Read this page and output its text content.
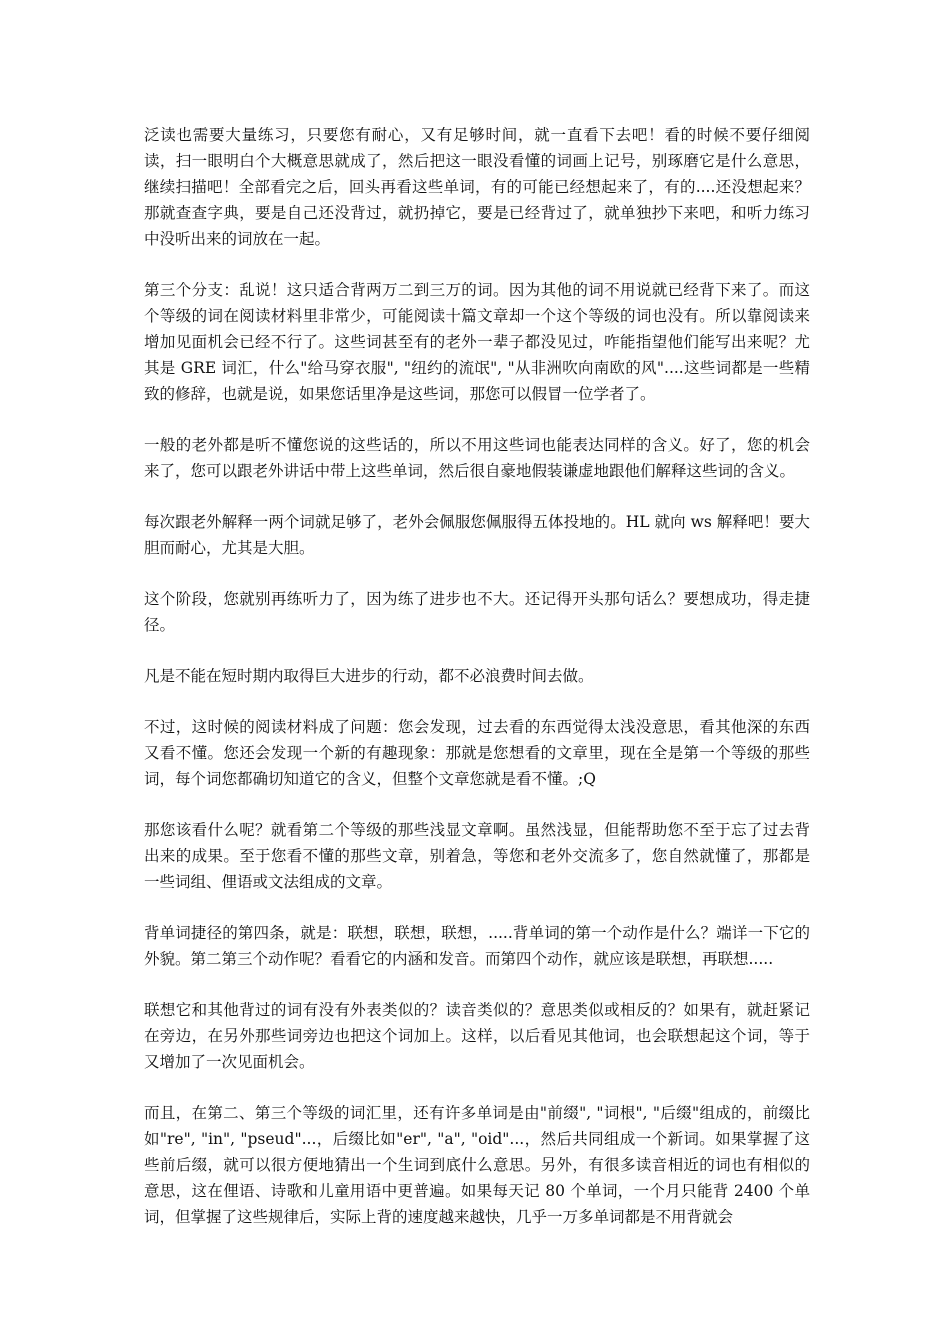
泛读也需要大量练习，只要您有耐心，又有足够时间，就一直看下去吧！看的时候不要仔细阅读，扫一眼明白个大概意思就成了，然后把这一眼没看懂的词画上记号，别琢磨它是什么意思，继续扫描吧！全部看完之后，回头再看这些单词，有的可能已经想起来了，有的....还没想起来？那就查查字典，要是自己还没背过，就扔掉它，要是已经背过了，就单独抄下来吧，和听力练习中没听出来的词放在一起。

第三个分支：乱说！这只适合背两万二到三万的词。因为其他的词不用说就已经背下来了。而这个等级的词在阅读材料里非常少，可能阅读十篇文章却一个这个等级的词也没有。所以靠阅读来增加见面机会已经不行了。这些词甚至有的老外一辈子都没见过，咋能指望他们能写出来呢？尤其是 GRE 词汇，什么"给马穿衣服", "纽约的流氓", "从非洲吹向南欧的风"....这些词都是一些精致的修辞，也就是说，如果您话里净是这些词，那您可以假冒一位学者了。

一般的老外都是听不懂您说的这些话的，所以不用这些词也能表达同样的含义。好了，您的机会来了，您可以跟老外讲话中带上这些单词，然后很自豪地假装谦虚地跟他们解释这些词的含义。

每次跟老外解释一两个词就足够了，老外会佩服您佩服得五体投地的。HL 就向 ws 解释吧！要大胆而耐心，尤其是大胆。

这个阶段，您就别再练听力了，因为练了进步也不大。还记得开头那句话么？要想成功，得走捷径。

凡是不能在短时期内取得巨大进步的行动，都不必浪费时间去做。

不过，这时候的阅读材料成了问题：您会发现，过去看的东西觉得太浅没意思，看其他深的东西又看不懂。您还会发现一个新的有趣现象：那就是您想看的文章里，现在全是第一个等级的那些词，每个词您都确切知道它的含义，但整个文章您就是看不懂。;Q

那您该看什么呢？就看第二个等级的那些浅显文章啊。虽然浅显，但能帮助您不至于忘了过去背出来的成果。至于您看不懂的那些文章，别着急，等您和老外交流多了，您自然就懂了，那都是一些词组、俚语或文法组成的文章。

背单词捷径的第四条，就是：联想，联想，联想，.....背单词的第一个动作是什么？端详一下它的外貌。第二第三个动作呢？看看它的内涵和发音。而第四个动作，就应该是联想，再联想.....

联想它和其他背过的词有没有外表类似的？读音类似的？意思类似或相反的？如果有，就赶紧记在旁边，在另外那些词旁边也把这个词加上。这样，以后看见其他词，也会联想起这个词，等于又增加了一次见面机会。

而且，在第二、第三个等级的词汇里，还有许多单词是由"前缀", "词根", "后缀"组成的，前缀比如"re", "in", "pseud"...，后缀比如"er", "a", "oid"...，然后共同组成一个新词。如果掌握了这些前后缀，就可以很方便地猜出一个生词到底什么意思。另外，有很多读音相近的词也有相似的意思，这在俚语、诗歌和儿童用语中更普遍。如果每天记 80 个单词，一个月只能背 2400 个单词，但掌握了这些规律后，实际上背的速度越来越快，几乎一万多单词都是不用背就会
